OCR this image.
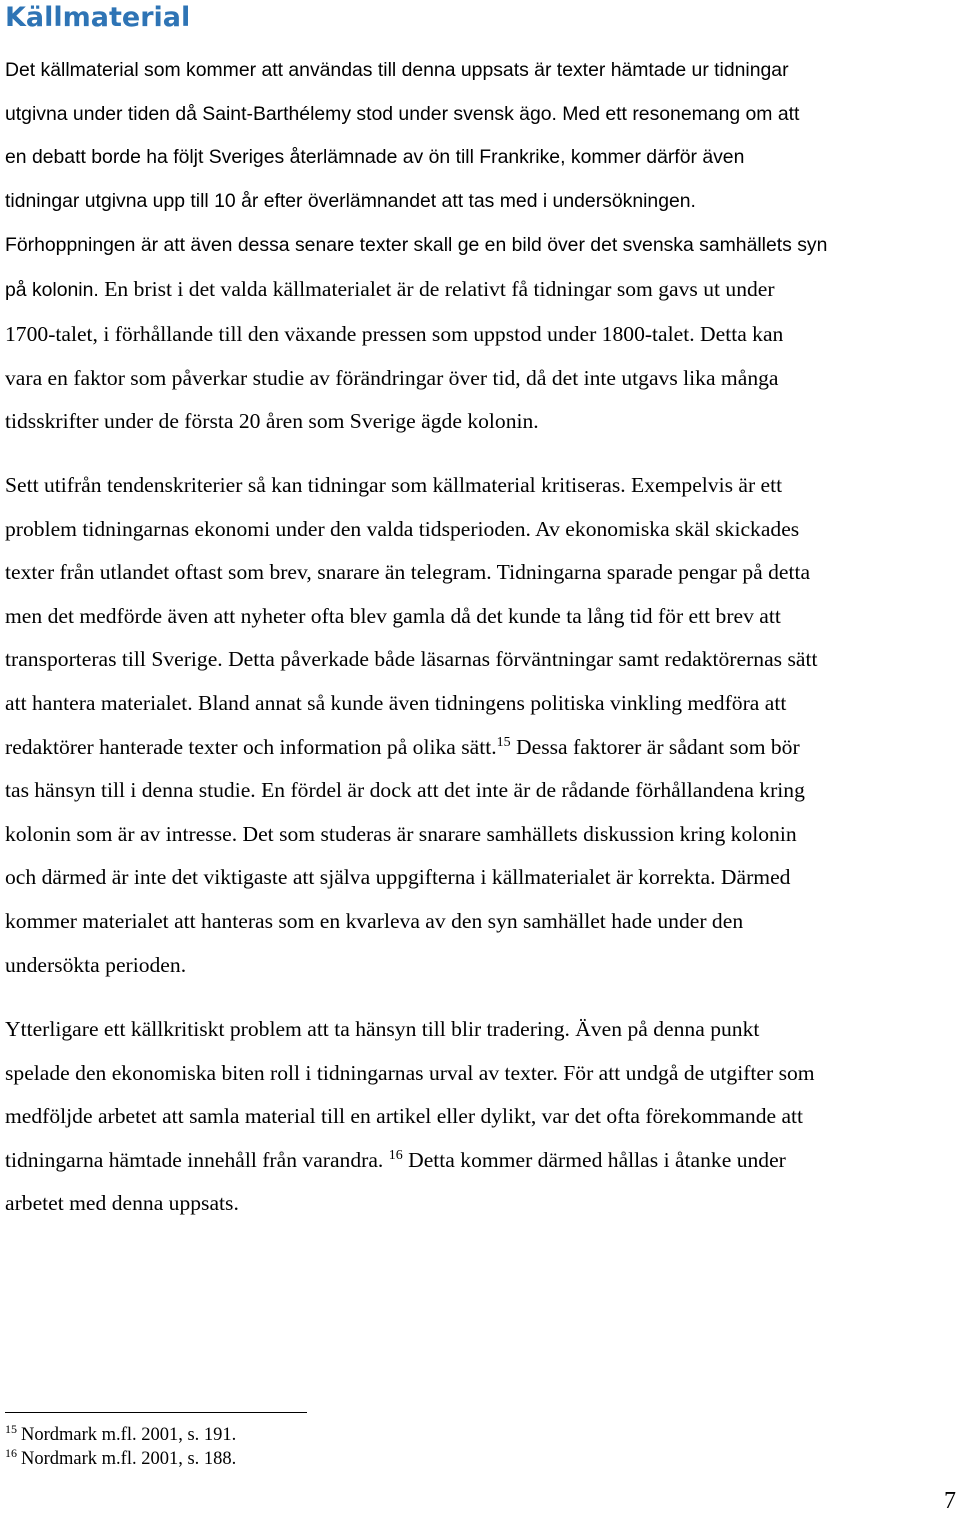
Källmaterial
Det källmaterial som kommer att användas till denna uppsats är texter hämtade ur tidningar
utgivna under tiden då Saint-Barthélemy stod under svensk ägo. Med ett resonemang om att
en debatt borde ha följt Sveriges återlämnade av ön till Frankrike, kommer därför även
tidningar utgivna upp till 10 år efter överlämnandet att tas med i undersökningen.
Förhoppningen är att även dessa senare texter skall ge en bild över det svenska samhällets syn
på kolonin. En brist i det valda källmaterialet är de relativt få tidningar som gavs ut under
1700-talet, i förhållande till den växande pressen som uppstod under 1800-talet. Detta kan
vara en faktor som påverkar studie av förändringar över tid, då det inte utgavs lika många
tidsskrifter under de första 20 åren som Sverige ägde kolonin.
Sett utifrån tendenskriterier så kan tidningar som källmaterial kritiseras. Exempelvis är ett
problem tidningarnas ekonomi under den valda tidsperioden. Av ekonomiska skäl skickades
texter från utlandet oftast som brev, snarare än telegram. Tidningarna sparade pengar på detta
men det medförde även att nyheter ofta blev gamla då det kunde ta lång tid för ett brev att
transporteras till Sverige. Detta påverkade både läsarnas förväntningar samt redaktörernas sätt
att hantera materialet. Bland annat så kunde även tidningens politiska vinkling medföra att
redaktörer hanterade texter och information på olika sätt.$^{15}$ Dessa faktorer är sådant som bör
tas hänsyn till i denna studie. En fördel är dock att det inte är de rådande förhållandena kring
kolonin som är av intresse. Det som studeras är snarare samhällets diskussion kring kolonin
och därmed är inte det viktigaste att själva uppgifterna i källmaterialet är korrekta. Därmed
kommer materialet att hanteras som en kvarleva av den syn samhället hade under den
undersökta perioden.
Ytterligare ett källkritiskt problem att ta hänsyn till blir tradering. Även på denna punkt
spelade den ekonomiska biten roll i tidningarnas urval av texter. För att undgå de utgifter som
medföljde arbetet att samla material till en artikel eller dylikt, var det ofta förekommande att
tidningarna hämtade innehåll från varandra. $^{16}$ Detta kommer därmed hållas i åtanke under
arbetet med denna uppsats.
$^{15}$ Nordmark m.fl. 2001, s. 191.
$^{16}$ Nordmark m.fl. 2001, s. 188.
7
